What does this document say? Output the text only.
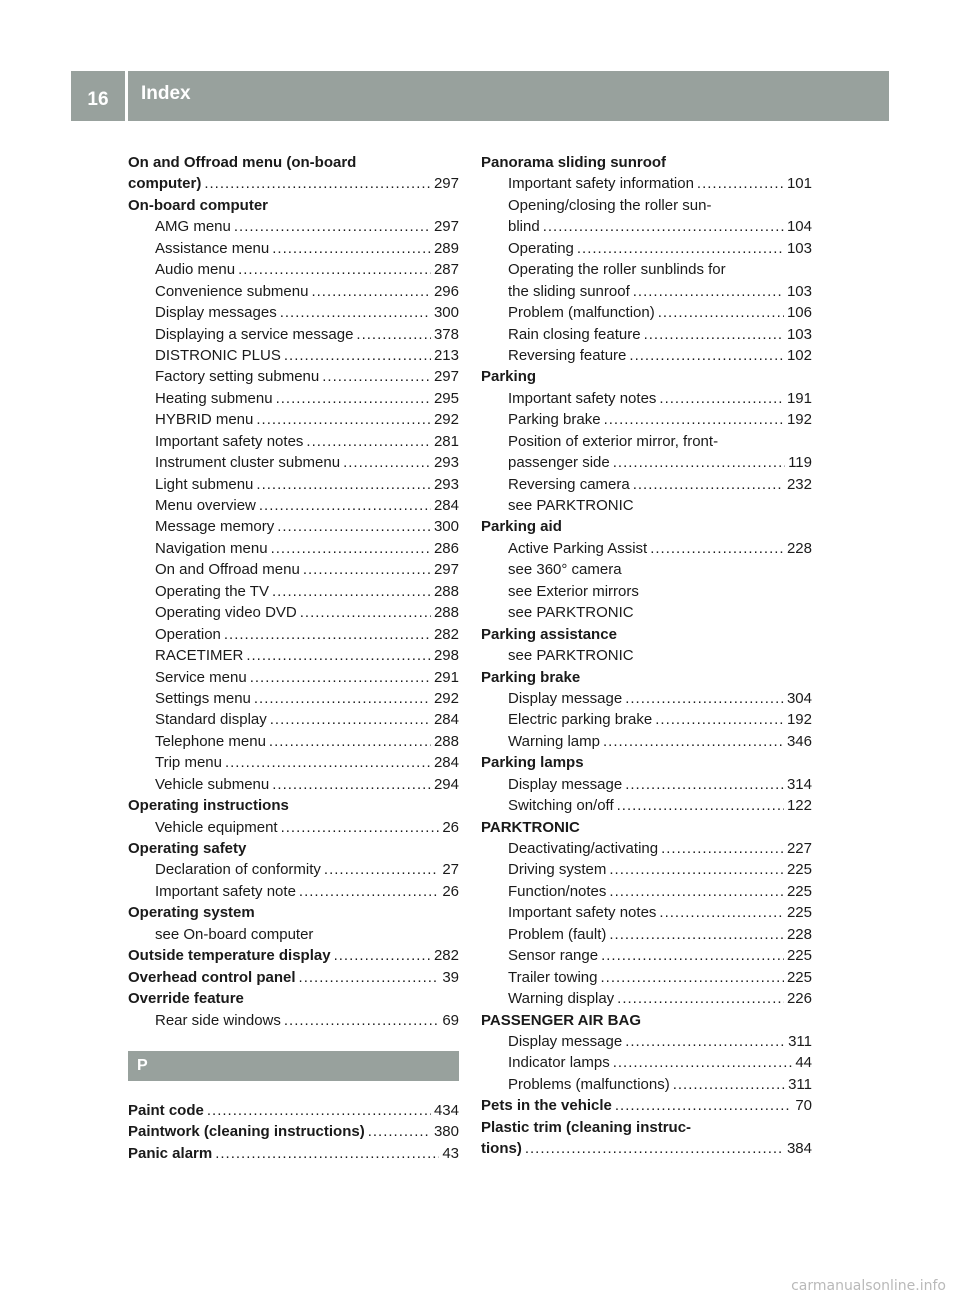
16	Index
On and Offroad menu (on-board
computer) .....	297
On-board computer
AMG menu .....	297
Assistance menu .....	289
Audio menu .....	287
Convenience submenu .....	296
Display messages .....	300
Displaying a service message .....	378
DISTRONIC PLUS .....	213
Factory setting submenu .....	297
Heating submenu .....	295
HYBRID menu .....	292
Important safety notes .....	281
Instrument cluster submenu .....	293
Light submenu .....	293
Menu overview .....	284
Message memory .....	300
Navigation menu .....	286
On and Offroad menu .....	297
Operating the TV .....	288
Operating video DVD .....	288
Operation .....	282
RACETIMER .....	298
Service menu .....	291
Settings menu .....	292
Standard display .....	284
Telephone menu .....	288
Trip menu .....	284
Vehicle submenu .....	294
Operating instructions
Vehicle equipment .....	26
Operating safety
Declaration of conformity .....	27
Important safety note .....	26
Operating system
see On-board computer
Outside temperature display .....	282
Overhead control panel .....	39
Override feature
Rear side windows .....	69
P
Paint code .....	434
Paintwork (cleaning instructions) .....	380
Panic alarm .....	43
Panorama sliding sunroof
Important safety information .....	101
Opening/closing the roller sun-
blind .....	104
Operating .....	103
Operating the roller sunblinds for
the sliding sunroof .....	103
Problem (malfunction) .....	106
Rain closing feature .....	103
Reversing feature .....	102
Parking
Important safety notes .....	191
Parking brake .....	192
Position of exterior mirror, front-
passenger side .....	119
Reversing camera .....	232
see PARKTRONIC
Parking aid
Active Parking Assist .....	228
see 360° camera
see Exterior mirrors
see PARKTRONIC
Parking assistance
see PARKTRONIC
Parking brake
Display message .....	304
Electric parking brake .....	192
Warning lamp .....	346
Parking lamps
Display message .....	314
Switching on/off .....	122
PARKTRONIC
Deactivating/activating .....	227
Driving system .....	225
Function/notes .....	225
Important safety notes .....	225
Problem (fault) .....	228
Sensor range .....	225
Trailer towing .....	225
Warning display .....	226
PASSENGER AIR BAG
Display message .....	311
Indicator lamps .....	44
Problems (malfunctions) .....	311
Pets in the vehicle .....	70
Plastic trim (cleaning instruc-
tions) .....	384
carmanualsonline.info
